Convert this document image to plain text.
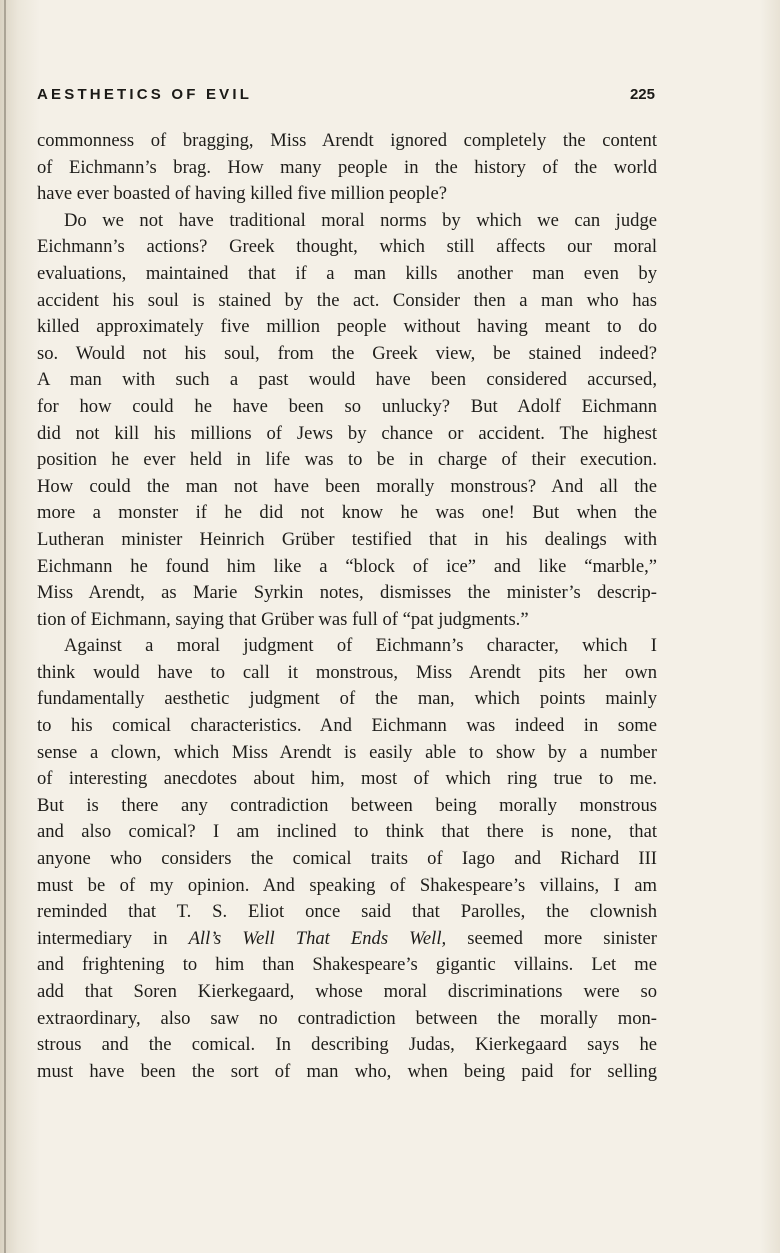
AESTHETICS OF EVIL	225
commonness of bragging, Miss Arendt ignored completely the content
of Eichmann’s brag. How many people in the history of the world
have ever boasted of having killed five million people?
Do we not have traditional moral norms by which we can judge
Eichmann’s actions? Greek thought, which still affects our moral
evaluations, maintained that if a man kills another man even by
accident his soul is stained by the act. Consider then a man who has
killed approximately five million people without having meant to do
so. Would not his soul, from the Greek view, be stained indeed?
A man with such a past would have been considered accursed,
for how could he have been so unlucky? But Adolf Eichmann
did not kill his millions of Jews by chance or accident. The highest
position he ever held in life was to be in charge of their execution.
How could the man not have been morally monstrous? And all the
more a monster if he did not know he was one! But when the
Lutheran minister Heinrich Grüber testified that in his dealings with
Eichmann he found him like a “block of ice” and like “marble,”
Miss Arendt, as Marie Syrkin notes, dismisses the minister’s descrip-
tion of Eichmann, saying that Grüber was full of “pat judgments.”
Against a moral judgment of Eichmann’s character, which I
think would have to call it monstrous, Miss Arendt pits her own
fundamentally aesthetic judgment of the man, which points mainly
to his comical characteristics. And Eichmann was indeed in some
sense a clown, which Miss Arendt is easily able to show by a number
of interesting anecdotes about him, most of which ring true to me.
But is there any contradiction between being morally monstrous
and also comical? I am inclined to think that there is none, that
anyone who considers the comical traits of Iago and Richard III
must be of my opinion. And speaking of Shakespeare’s villains, I am
reminded that T. S. Eliot once said that Parolles, the clownish
intermediary in All’s Well That Ends Well, seemed more sinister
and frightening to him than Shakespeare’s gigantic villains. Let me
add that Soren Kierkegaard, whose moral discriminations were so
extraordinary, also saw no contradiction between the morally mon-
strous and the comical. In describing Judas, Kierkegaard says he
must have been the sort of man who, when being paid for selling
